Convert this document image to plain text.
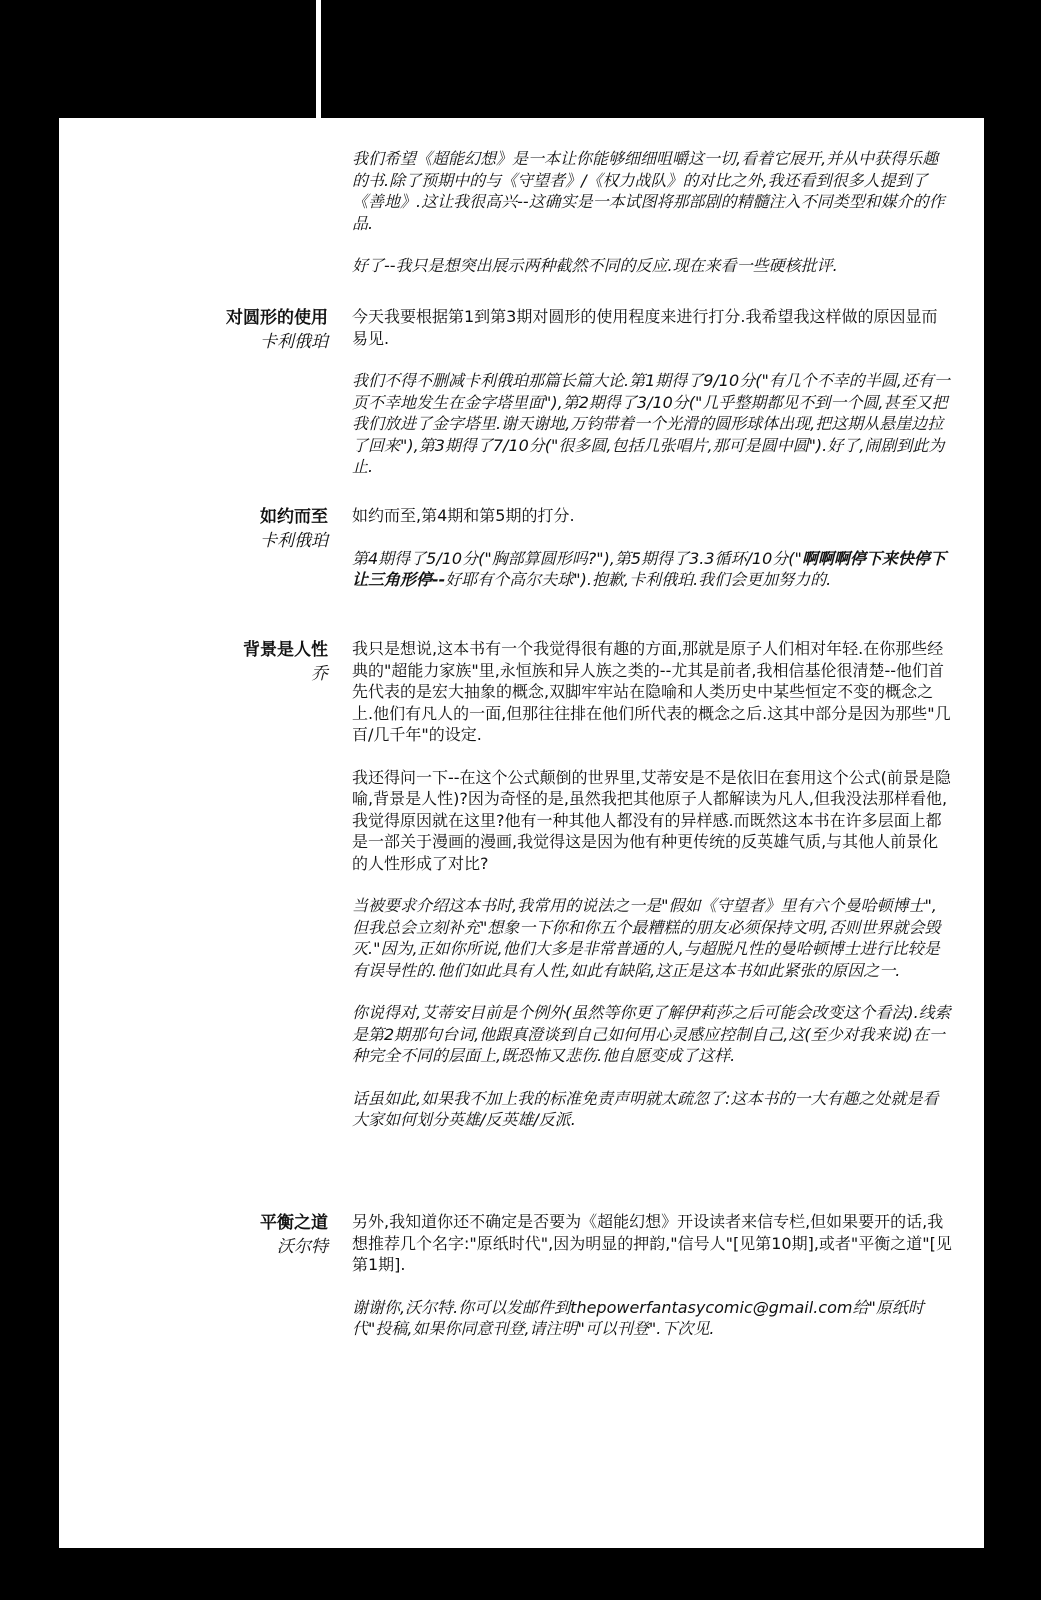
我们希望《超能幻想》是一本让你能够细细咀嚼这一切,看着它展开,并从中获得乐趣的书.除了预期中的与《守望者》/《权力战队》的对比之外,我还看到很多人提到了《善地》.这让我很高兴--这确实是一本试图将那部剧的精髓注入不同类型和媒介的作品.

好了--我只是想突出展示两种截然不同的反应.现在来看一些硬核批评.

对圆形的使用
卡利俄珀

今天我要根据第1到第3期对圆形的使用程度来进行打分.我希望我这样做的原因显而易见.

我们不得不删减卡利俄珀那篇长篇大论.第1期得了9/10分("有几个不幸的半圆,还有一页不幸地发生在金字塔里面"),第2期得了3/10分("几乎整期都见不到一个圆,甚至又把我们放进了金字塔里.谢天谢地,万钧带着一个光滑的圆形球体出现,把这期从悬崖边拉了回来"),第3期得了7/10分("很多圆,包括几张唱片,那可是圆中圆").好了,闹剧到此为止.

如约而至
卡利俄珀

如约而至,第4期和第5期的打分.

第4期得了5/10分("胸部算圆形吗?"),第5期得了3.3循环/10分("啊啊啊停下来快停下让三角形停--好耶有个高尔夫球").抱歉,卡利俄珀.我们会更加努力的.

背景是人性
乔

我只是想说,这本书有一个我觉得很有趣的方面,那就是原子人们相对年轻.在你那些经典的"超能力家族"里,永恒族和异人族之类的--尤其是前者,我相信基伦很清楚--他们首先代表的是宏大抽象的概念,双脚牢牢站在隐喻和人类历史中某些恒定不变的概念之上.他们有凡人的一面,但那往往排在他们所代表的概念之后.这其中部分是因为那些"几百/几千年"的设定.

我还得问一下--在这个公式颠倒的世界里,艾蒂安是不是依旧在套用这个公式(前景是隐喻,背景是人性)?因为奇怪的是,虽然我把其他原子人都解读为凡人,但我没法那样看他,我觉得原因就在这里?他有一种其他人都没有的异样感.而既然这本书在许多层面上都是一部关于漫画的漫画,我觉得这是因为他有种更传统的反英雄气质,与其他人前景化的人性形成了对比?

当被要求介绍这本书时,我常用的说法之一是"假如《守望者》里有六个曼哈顿博士",但我总会立刻补充"想象一下你和你五个最糟糕的朋友必须保持文明,否则世界就会毁灭."因为,正如你所说,他们大多是非常普通的人,与超脱凡性的曼哈顿博士进行比较是有误导性的.他们如此具有人性,如此有缺陷,这正是这本书如此紧张的原因之一.

你说得对,艾蒂安目前是个例外(虽然等你更了解伊莉莎之后可能会改变这个看法).线索是第2期那句台词,他跟真澄谈到自己如何用心灵感应控制自己,这(至少对我来说)在一种完全不同的层面上,既恐怖又悲伤.他自愿变成了这样.

话虽如此,如果我不加上我的标准免责声明就太疏忽了:这本书的一大有趣之处就是看大家如何划分英雄/反英雄/反派.

平衡之道
沃尔特

另外,我知道你还不确定是否要为《超能幻想》开设读者来信专栏,但如果要开的话,我想推荐几个名字:"原纸时代",因为明显的押韵,"信号人"[见第10期],或者"平衡之道"[见第1期].

谢谢你,沃尔特.你可以发邮件到thepowerfantasycomic@gmail.com给"原纸时代"投稿,如果你同意刊登,请注明"可以刊登".下次见.
